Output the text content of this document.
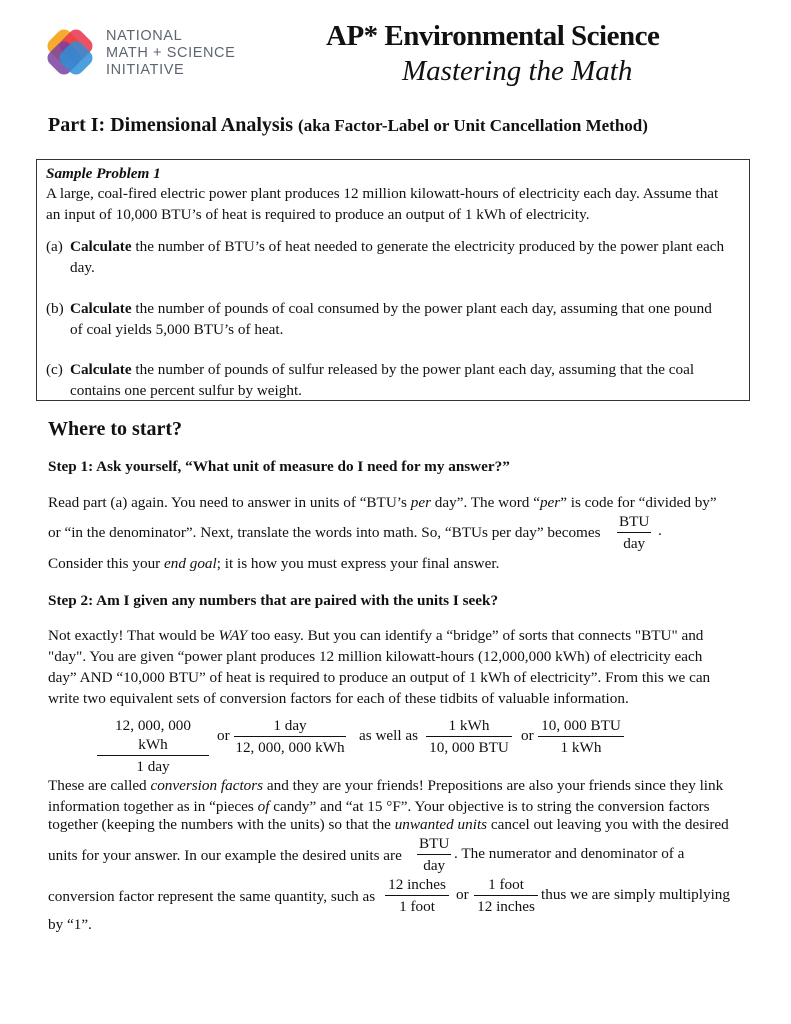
NATIONAL
MATH + SCIENCE
INITIATIVE
AP* Environmental Science
Mastering the Math
Part I: Dimensional Analysis (aka Factor-Label or Unit Cancellation Method)
Sample Problem 1
A large, coal-fired electric power plant produces 12 million kilowatt-hours of electricity each day. Assume that
an input of 10,000 BTU’s of heat is required to produce an output of 1 kWh of electricity.
(a) Calculate the number of BTU’s of heat needed to generate the electricity produced by the power plant each
day.
(b) Calculate the number of pounds of coal consumed by the power plant each day, assuming that one pound
of coal yields 5,000 BTU’s of heat.
(c) Calculate the number of pounds of sulfur released by the power plant each day, assuming that the coal
contains one percent sulfur by weight.
Where to start?
Step 1: Ask yourself, “What unit of measure do I need for my answer?”
Read part (a) again. You need to answer in units of “BTU’s per day”. The word “per” is code for “divided by”
or “in the denominator”. Next, translate the words into math. So, “BTUs per day” becomes
BTU
day
.
Consider this your end goal; it is how you must express your final answer.
Step 2: Am I given any numbers that are paired with the units I seek?
Not exactly! That would be WAY too easy. But you can identify a “bridge” of sorts that connects "BTU" and
"day". You are given “power plant produces 12 million kilowatt-hours (12,000,000 kWh) of electricity each
day” AND “10,000 BTU” of heat is required to produce an output of 1 kWh of electricity”. From this we can
write two equivalent sets of conversion factors for each of these tidbits of valuable information.
12, 000, 000 kWh
1 day
or
1 day
12, 000, 000 kWh
as well as
1 kWh
10, 000 BTU
or
10, 000 BTU
1 kWh
These are called conversion factors and they are your friends! Prepositions are also your friends since they link
information together as in “pieces of candy” and “at 15 °F”. Your objective is to string the conversion factors
together (keeping the numbers with the units) so that the unwanted units cancel out leaving you with the desired
units for your answer. In our example the desired units are
BTU
day
. The numerator and denominator of a
conversion factor represent the same quantity, such as
12 inches
1 foot
or
1 foot
12 inches
thus we are simply multiplying
by “1”.
